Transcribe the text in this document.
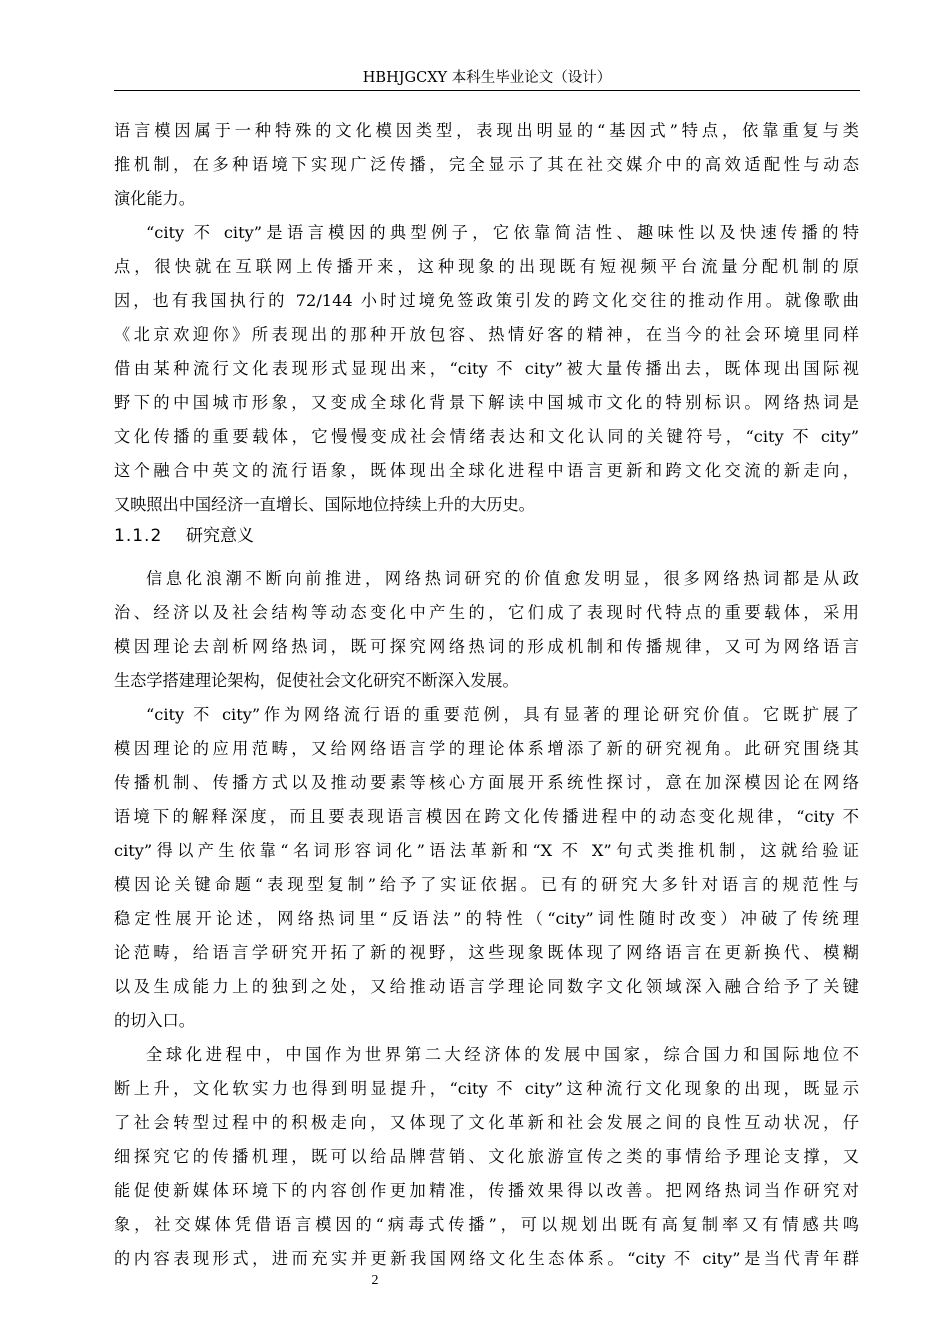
HBHJGCXY 本科生毕业论文（设计）
语言模因属于一种特殊的文化模因类型，表现出明显的“基因式”特点，依靠重复与类
推机制，在多种语境下实现广泛传播，完全显示了其在社交媒介中的高效适配性与动态
演化能力。
“city 不 city”是语言模因的典型例子，它依靠简洁性、趣味性以及快速传播的特
点，很快就在互联网上传播开来，这种现象的出现既有短视频平台流量分配机制的原
因，也有我国执行的 72/144 小时过境免签政策引发的跨文化交往的推动作用。就像歌曲
《北京欢迎你》所表现出的那种开放包容、热情好客的精神，在当今的社会环境里同样
借由某种流行文化表现形式显现出来，“city 不 city”被大量传播出去，既体现出国际视
野下的中国城市形象，又变成全球化背景下解读中国城市文化的特别标识。网络热词是
文化传播的重要载体，它慢慢变成社会情绪表达和文化认同的关键符号，“city 不 city”
这个融合中英文的流行语象，既体现出全球化进程中语言更新和跨文化交流的新走向，
又映照出中国经济一直增长、国际地位持续上升的大历史。
1.1.2 研究意义
信息化浪潮不断向前推进，网络热词研究的价值愈发明显，很多网络热词都是从政
治、经济以及社会结构等动态变化中产生的，它们成了表现时代特点的重要载体，采用
模因理论去剖析网络热词，既可探究网络热词的形成机制和传播规律，又可为网络语言
生态学搭建理论架构，促使社会文化研究不断深入发展。
“city 不 city”作为网络流行语的重要范例，具有显著的理论研究价值。它既扩展了
模因理论的应用范畴，又给网络语言学的理论体系增添了新的研究视角。此研究围绕其
传播机制、传播方式以及推动要素等核心方面展开系统性探讨，意在加深模因论在网络
语境下的解释深度，而且要表现语言模因在跨文化传播进程中的动态变化规律，“city 不
city”得以产生依靠“名词形容词化”语法革新和“X 不 X”句式类推机制，这就给验证
模因论关键命题“表现型复制”给予了实证依据。已有的研究大多针对语言的规范性与
稳定性展开论述，网络热词里“反语法”的特性（“city”词性随时改变）冲破了传统理
论范畴，给语言学研究开拓了新的视野，这些现象既体现了网络语言在更新换代、模糊
以及生成能力上的独到之处，又给推动语言学理论同数字文化领域深入融合给予了关键
的切入口。
全球化进程中，中国作为世界第二大经济体的发展中国家，综合国力和国际地位不
断上升，文化软实力也得到明显提升，“city 不 city”这种流行文化现象的出现，既显示
了社会转型过程中的积极走向，又体现了文化革新和社会发展之间的良性互动状况，仔
细探究它的传播机理，既可以给品牌营销、文化旅游宣传之类的事情给予理论支撑，又
能促使新媒体环境下的内容创作更加精准，传播效果得以改善。把网络热词当作研究对
象，社交媒体凭借语言模因的“病毒式传播”，可以规划出既有高复制率又有情感共鸣
的内容表现形式，进而充实并更新我国网络文化生态体系。“city 不 city”是当代青年群
2
